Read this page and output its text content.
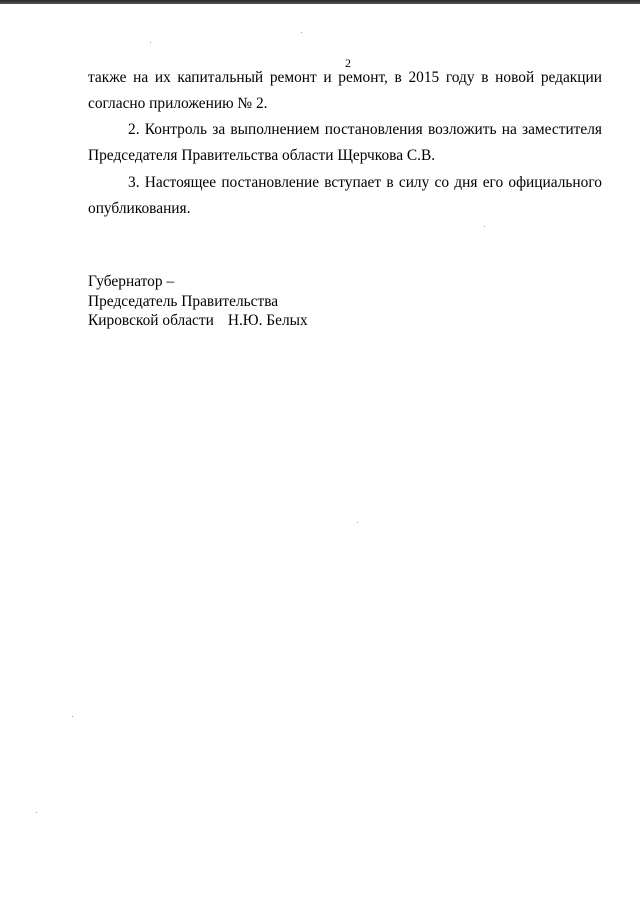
2

также на их капитальный ремонт и ремонт, в 2015 году в новой редакции согласно приложению № 2.

2. Контроль за выполнением постановления возложить на заместителя Председателя Правительства области Щерчкова С.В.

3. Настоящее постановление вступает в силу со дня его официального опубликования.

Губернатор –
Председатель Правительства
Кировской области Н.Ю. Белых
